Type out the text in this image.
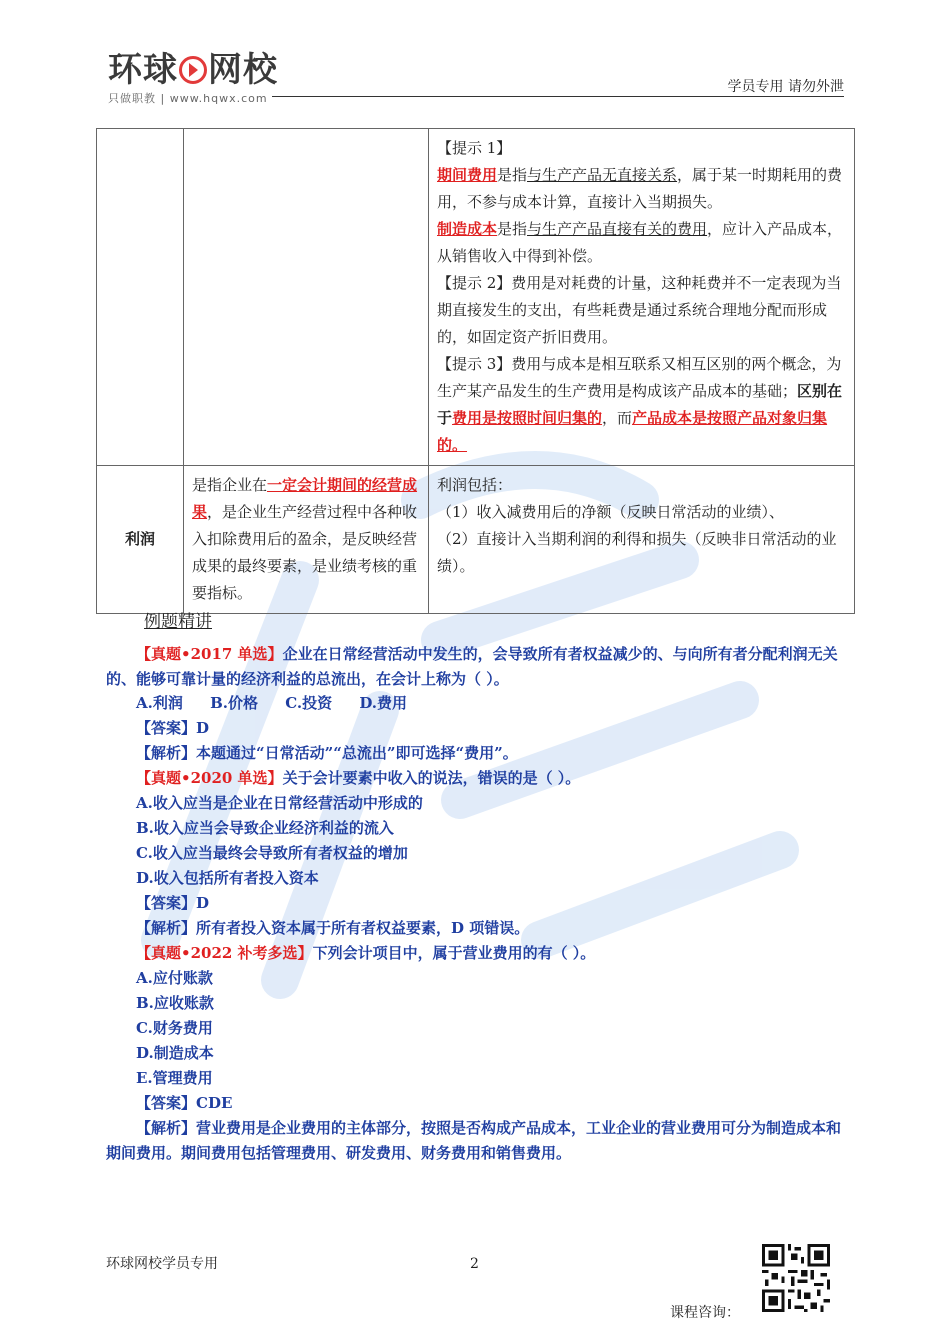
环球 网校
只做职教 | www.hqwx.com
学员专用 请勿外泄

		【提示 1】
期间费用是指与生产产品无直接关系，属于某一时期耗用的费用，不参与成本计算，直接计入当期损失。
制造成本是指与生产产品直接有关的费用，应计入产品成本，从销售收入中得到补偿。
【提示 2】费用是对耗费的计量，这种耗费并不一定表现为当期直接发生的支出，有些耗费是通过系统合理地分配而形成的，如固定资产折旧费用。
【提示 3】费用与成本是相互联系又相互区别的两个概念，为生产某产品发生的生产费用是构成该产品成本的基础；区别在于费用是按照时间归集的，而产品成本是按照产品对象归集的。

利润	是指企业在一定会计期间的经营成果，是企业生产经营过程中各种收入扣除费用后的盈余，是反映经营成果的最终要素，是业绩考核的重要指标。	利润包括：
（1）收入减费用后的净额（反映日常活动的业绩）、
（2）直接计入当期利润的利得和损失（反映非日常活动的业绩）。
例题精讲
【真题•2017 单选】企业在日常经营活动中发生的，会导致所有者权益减少的、与向所有者分配利润无关的、能够可靠计量的经济利益的总流出，在会计上称为（ ）。
A.利润 B.价格 C.投资 D.费用
【答案】D
【解析】本题通过“日常活动”“总流出”即可选择“费用”。
【真题•2020 单选】关于会计要素中收入的说法，错误的是（ ）。
A.收入应当是企业在日常经营活动中形成的
B.收入应当会导致企业经济利益的流入
C.收入应当最终会导致所有者权益的增加
D.收入包括所有者投入资本
【答案】D
【解析】所有者投入资本属于所有者权益要素，D 项错误。
【真题•2022 补考多选】下列会计项目中，属于营业费用的有（ ）。
A.应付账款
B.应收账款
C.财务费用
D.制造成本
E.管理费用
【答案】CDE
【解析】营业费用是企业费用的主体部分，按照是否构成产品成本，工业企业的营业费用可分为制造成本和期间费用。期间费用包括管理费用、研发费用、财务费用和销售费用。
环球网校学员专用	2
课程咨询：
